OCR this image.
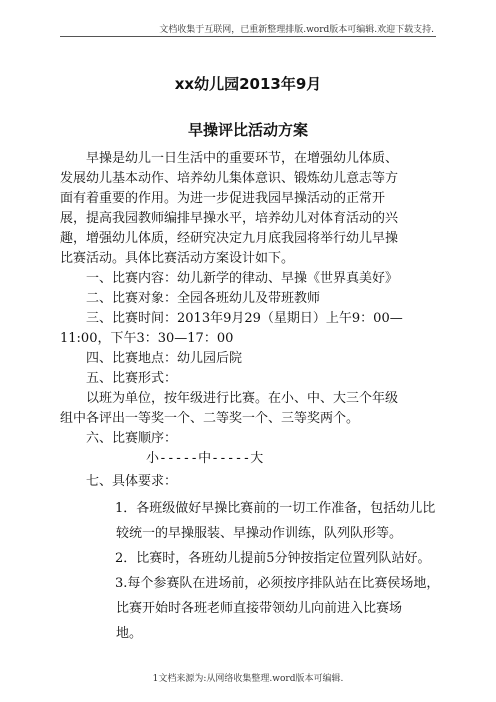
文档收集于互联网，已重新整理排版.word版本可编辑.欢迎下载支持.
xx幼儿园2013年9月
早操评比活动方案
早操是幼儿一日生活中的重要环节，在增强幼儿体质、
发展幼儿基本动作、培养幼儿集体意识、锻炼幼儿意志等方
面有着重要的作用。为进一步促进我园早操活动的正常开
展，提高我园教师编排早操水平，培养幼儿对体育活动的兴
趣，增强幼儿体质，经研究决定九月底我园将举行幼儿早操
比赛活动。具体比赛活动方案设计如下。
一、比赛内容：幼儿新学的律动、早操《世界真美好》
二、比赛对象：全园各班幼儿及带班教师
三、比赛时间：2013年9月29（星期日）上午9：00—
11:00，下午3：30—17：00
四、比赛地点：幼儿园后院
五、比赛形式：
以班为单位，按年级进行比赛。在小、中、大三个年级
组中各评出一等奖一个、二等奖一个、三等奖两个。
六、比赛顺序：
小-----中-----大
七、具体要求：
1．各班级做好早操比赛前的一切工作准备，包括幼儿比
较统一的早操服装、早操动作训练，队列队形等。
2．比赛时，各班幼儿提前5分钟按指定位置列队站好。
3.每个参赛队在进场前，必须按序排队站在比赛侯场地，
比赛开始时各班老师直接带领幼儿向前进入比赛场
地。
1文档来源为:从网络收集整理.word版本可编辑.
